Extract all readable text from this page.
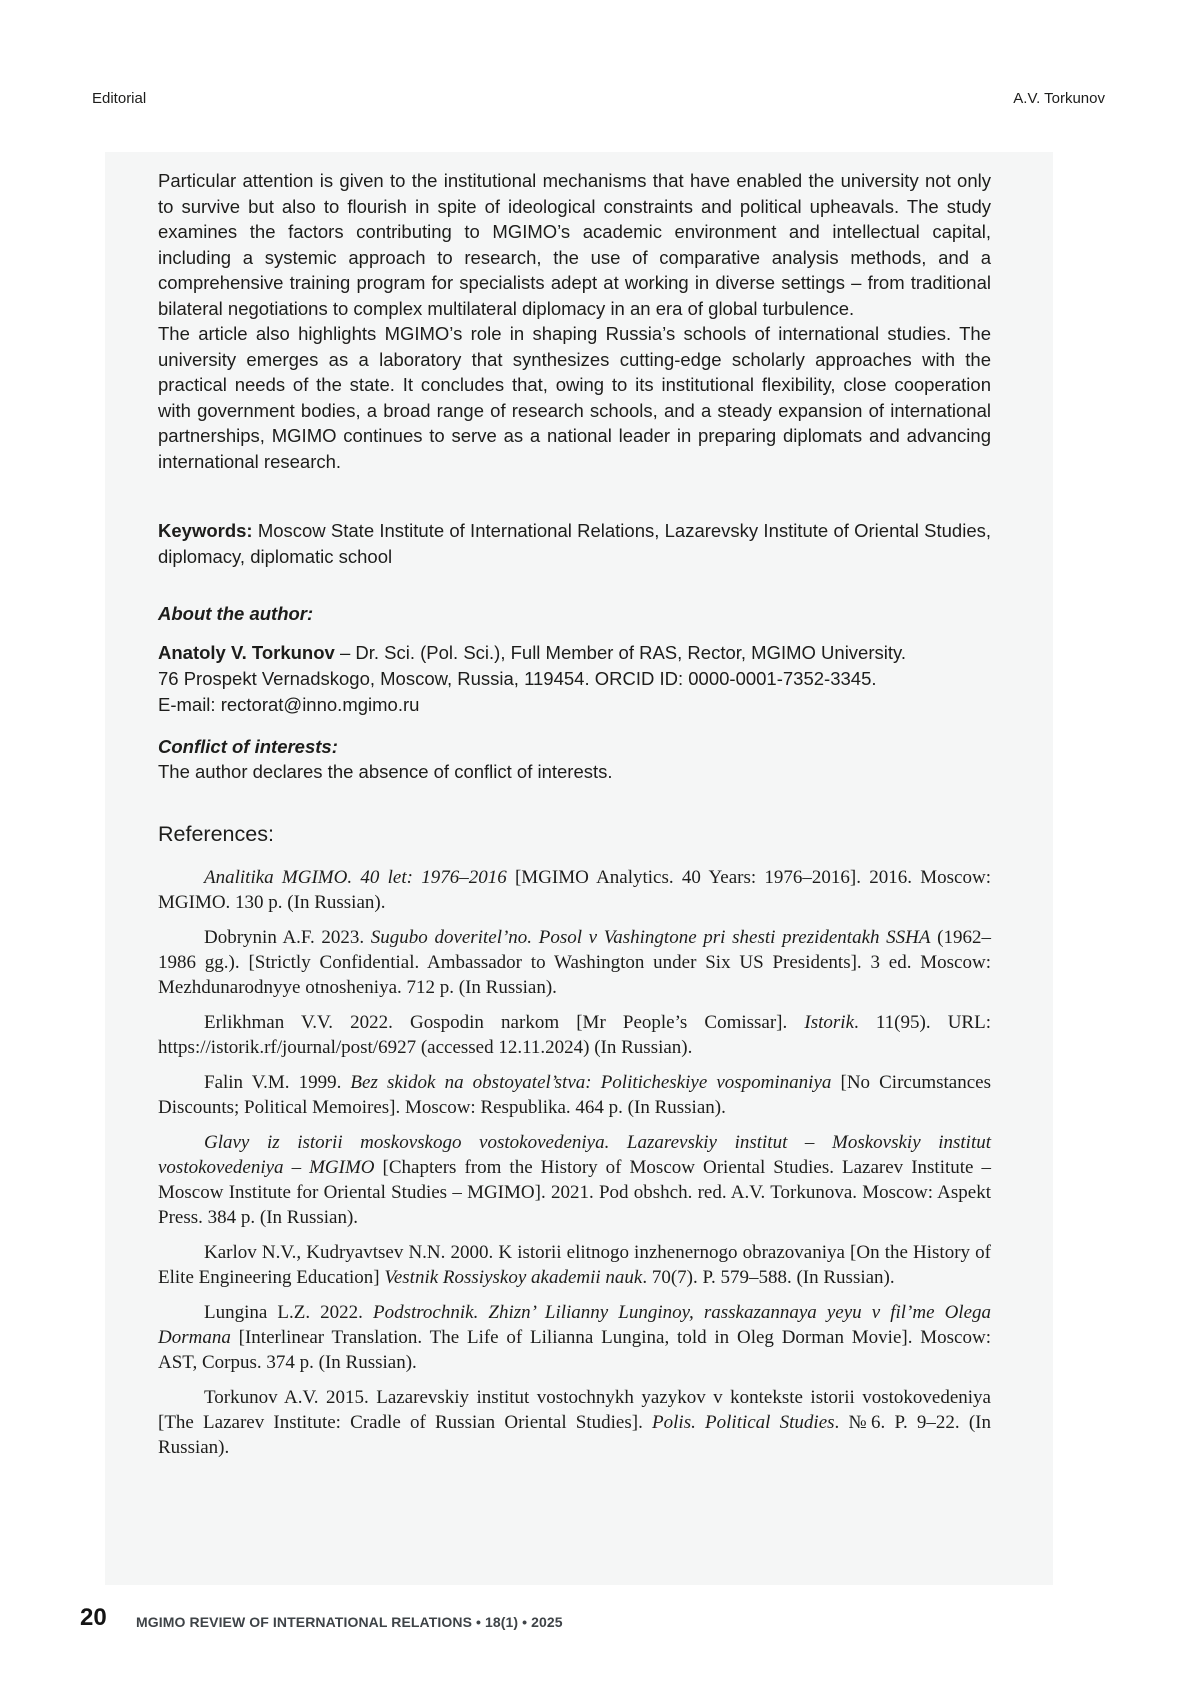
Editorial	A.V. Torkunov

Particular attention is given to the institutional mechanisms that have enabled the university not only to survive but also to flourish in spite of ideological constraints and political upheavals. The study examines the factors contributing to MGIMO’s academic environment and intellectual capital, including a systemic approach to research, the use of comparative analysis methods, and a comprehensive training program for specialists adept at working in diverse settings – from traditional bilateral negotiations to complex multilateral diplomacy in an era of global turbulence.

The article also highlights MGIMO’s role in shaping Russia’s schools of international studies. The university emerges as a laboratory that synthesizes cutting-edge scholarly approaches with the practical needs of the state. It concludes that, owing to its institutional flexibility, close cooperation with government bodies, a broad range of research schools, and a steady expansion of international partnerships, MGIMO continues to serve as a national leader in preparing diplomats and advancing international research.

Keywords: Moscow State Institute of International Relations, Lazarevsky Institute of Oriental Studies, diplomacy, diplomatic school

About the author:

Anatoly V. Torkunov – Dr. Sci. (Pol. Sci.), Full Member of RAS, Rector, MGIMO University.
76 Prospekt Vernadskogo, Moscow, Russia, 119454. ORCID ID: 0000-0001-7352-3345.
E-mail: rectorat@inno.mgimo.ru

Conflict of interests:

The author declares the absence of conflict of interests.

References:

Analitika MGIMO. 40 let: 1976–2016 [MGIMO Analytics. 40 Years: 1976–2016]. 2016. Moscow: MGIMO. 130 p. (In Russian).

Dobrynin A.F. 2023. Sugubo doveritel’no. Posol v Vashingtone pri shesti prezidentakh SSHA (1962–1986 gg.). [Strictly Confidential. Ambassador to Washington under Six US Presidents]. 3 ed. Moscow: Mezhdunarodnyye otnosheniya. 712 p. (In Russian).

Erlikhman V.V. 2022. Gospodin narkom [Mr People’s Comissar]. Istorik. 11(95). URL: https://istorik.rf/journal/post/6927 (accessed 12.11.2024) (In Russian).

Falin V.M. 1999. Bez skidok na obstoyatel’stva: Politicheskiye vospominaniya [No Circumstances Discounts; Political Memoires]. Moscow: Respublika. 464 p. (In Russian).

Glavy iz istorii moskovskogo vostokovedeniya. Lazarevskiy institut – Moskovskiy institut vostokovedeniya – MGIMO [Chapters from the History of Moscow Oriental Studies. Lazarev Institute – Moscow Institute for Oriental Studies – MGIMO]. 2021. Pod obshch. red. A.V. Torkunova. Moscow: Aspekt Press. 384 p. (In Russian).

Karlov N.V., Kudryavtsev N.N. 2000. K istorii elitnogo inzhenernogo obrazovaniya [On the History of Elite Engineering Education] Vestnik Rossiyskoy akademii nauk. 70(7). P. 579–588. (In Russian).

Lungina L.Z. 2022. Podstrochnik. Zhizn’ Lilianny Lunginoy, rasskazannaya yeyu v fil’me Olega Dormana [Interlinear Translation. The Life of Lilianna Lungina, told in Oleg Dorman Movie]. Moscow: AST, Corpus. 374 p. (In Russian).

Torkunov A.V. 2015. Lazarevskiy institut vostochnykh yazykov v kontekste istorii vostokovedeniya [The Lazarev Institute: Cradle of Russian Oriental Studies]. Polis. Political Studies. №6. P. 9–22. (In Russian).

20 MGIMO REVIEW OF INTERNATIONAL RELATIONS • 18(1) • 2025
